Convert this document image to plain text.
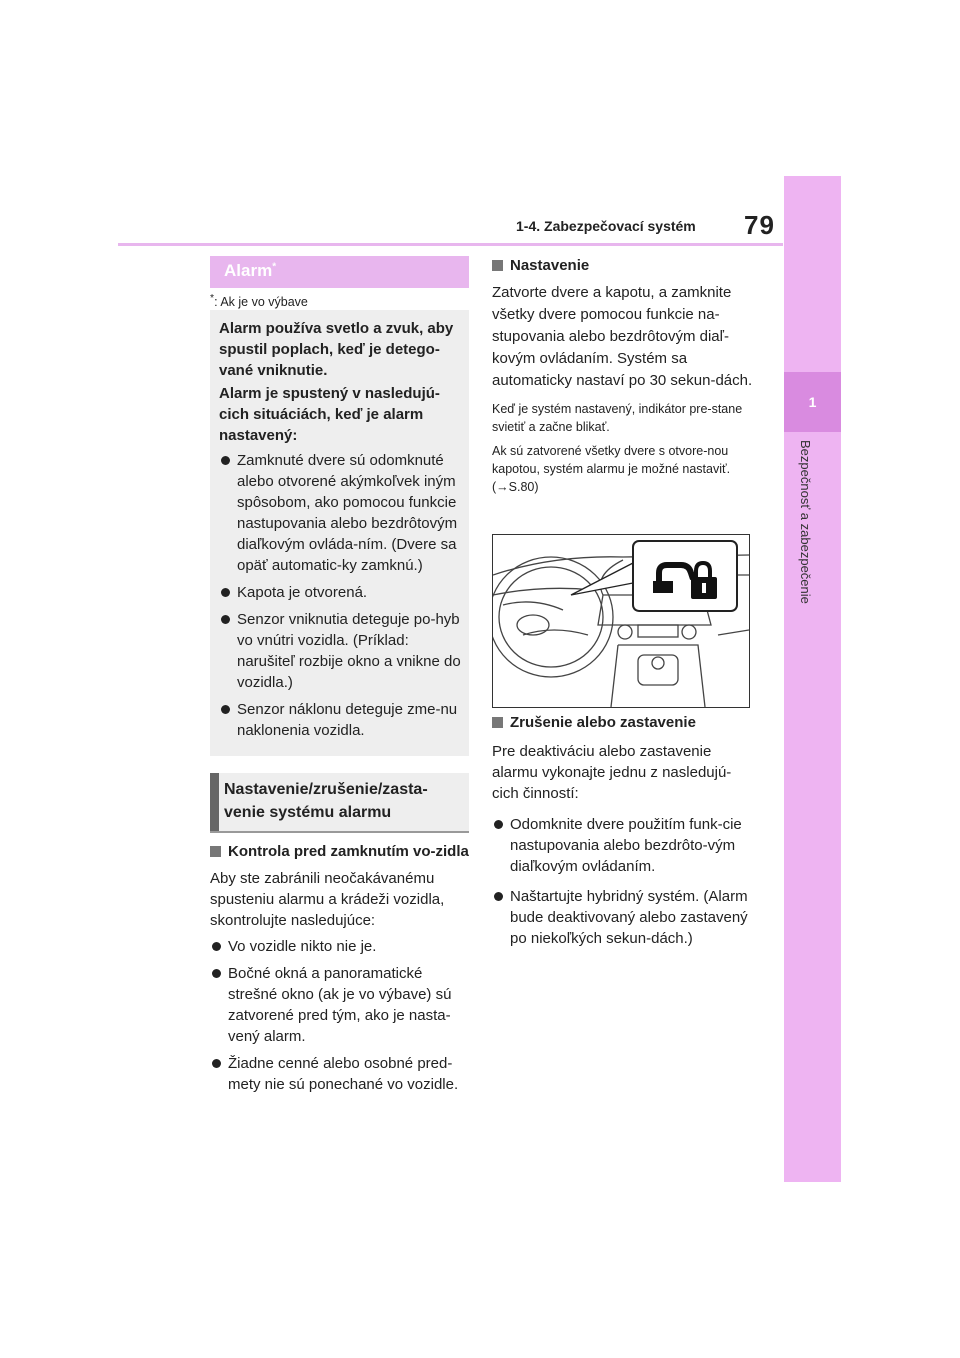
1-4. Zabezpečovací systém 79
1
Bezpečnosť a zabezpečenie
Alarm*
*: Ak je vo výbave

Alarm používa svetlo a zvuk, aby spustil poplach, keď je detego-vané vniknutie.

Alarm je spustený v nasledujú-cich situáciách, keď je alarm nastavený:

Zamknuté dvere sú odomknuté alebo otvorené akýmkoľvek iným spôsobom, ako pomocou funkcie nastupovania alebo bezdrôtovým diaľkovým ovláda-ním. (Dvere sa opäť automatic-ky zamknú.)
Kapota je otvorená.
Senzor vniknutia deteguje po-hyb vo vnútri vozidla. (Príklad: narušiteľ rozbije okno a vnikne do vozidla.)
Senzor náklonu deteguje zme-nu naklonenia vozidla.
Nastavenie/zrušenie/zasta-venie systému alarmu
Kontrola pred zamknutím vo-zidla
Aby ste zabránili neočakávanému spusteniu alarmu a krádeži vozidla, skontrolujte nasledujúce:
Vo vozidle nikto nie je.
Bočné okná a panoramatické strešné okno (ak je vo výbave) sú zatvorené pred tým, ako je nasta-vený alarm.
Žiadne cenné alebo osobné pred-mety nie sú ponechané vo vozidle.
Nastavenie
Zatvorte dvere a kapotu, a zamknite všetky dvere pomocou funkcie na-stupovania alebo bezdrôtovým diaľ-kovým ovládaním. Systém sa automaticky nastaví po 30 sekun-dách.
Keď je systém nastavený, indikátor pre-stane svietiť a začne blikať.
Ak sú zatvorené všetky dvere s otvore-nou kapotou, systém alarmu je možné nastaviť. (→S.80)
Zrušenie alebo zastavenie
Pre deaktiváciu alebo zastavenie alarmu vykonajte jednu z nasledujú-cich činností:
Odomknite dvere použitím funk-cie nastupovania alebo bezdrôto-vým diaľkovým ovládaním.
Naštartujte hybridný systém. (Alarm bude deaktivovaný alebo zastavený po niekoľkých sekun-dách.)
